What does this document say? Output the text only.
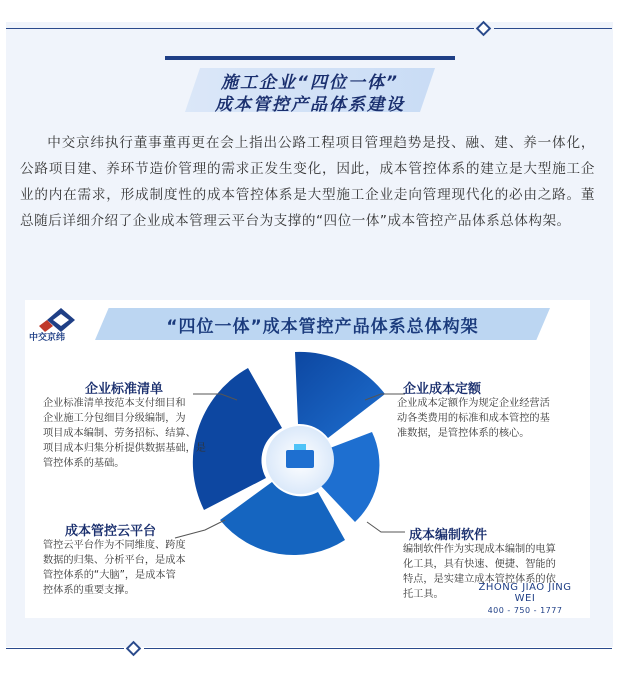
施工企业“四位一体”
成本管控产品体系建设
中交京纬执行董事董再更在会上指出公路工程项目管理趋势是投、融、建、养一体化，公路项目建、养环节造价管理的需求正发生变化，因此，成本管控体系的建立是大型施工企业的内在需求，形成制度性的成本管控体系是大型施工企业走向管理现代化的必由之路。董总随后详细介绍了企业成本管理云平台为支撑的“四位一体”成本管控产品体系总体构架。
中交京纬
“四位一体”成本管控产品体系总体构架
企业标准清单
企业标准清单按范本支付细目和
企业施工分包细目分级编制，为
项目成本编制、劳务招标、结算、
项目成本归集分析提供数据基础，是
管控体系的基础。
企业成本定额
企业成本定额作为规定企业经营活
动各类费用的标准和成本管控的基
准数据，是管控体系的核心。
成本管控云平台
管控云平台作为不同维度、跨度
数据的归集、分析平台，是成本
管控体系的“大脑”，是成本管
控体系的重要支撑。
成本编制软件
编制软件作为实现成本编制的电算
化工具，具有快速、便捷、智能的
特点，是实建立成本管控体系的依
托工具。
ZHONG JIAO JING
WEI
400 - 750 - 1777
